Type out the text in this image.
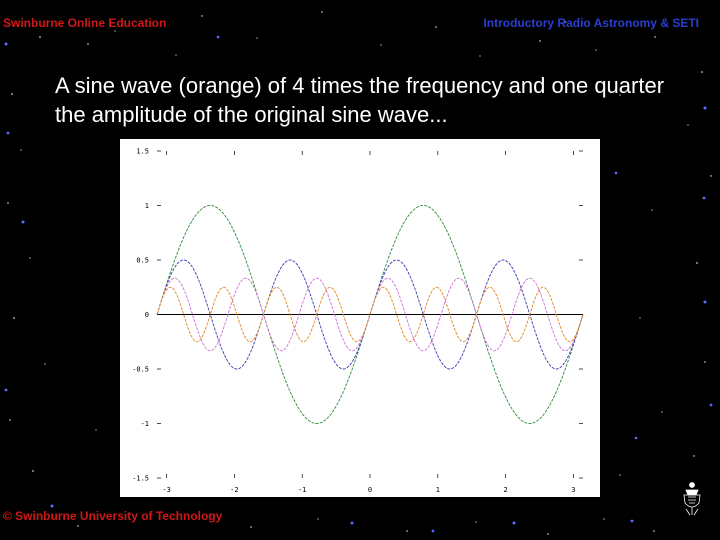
Swinburne Online Education	Introductory Radio Astronomy & SETI
A sine wave (orange) of 4 times the frequency and one quarter the amplitude of the original sine wave...
-3	-2	-1	0	1	2	3
-1.5
-1
-0.5
0
0.5
1
1.5
© Swinburne University of Technology
